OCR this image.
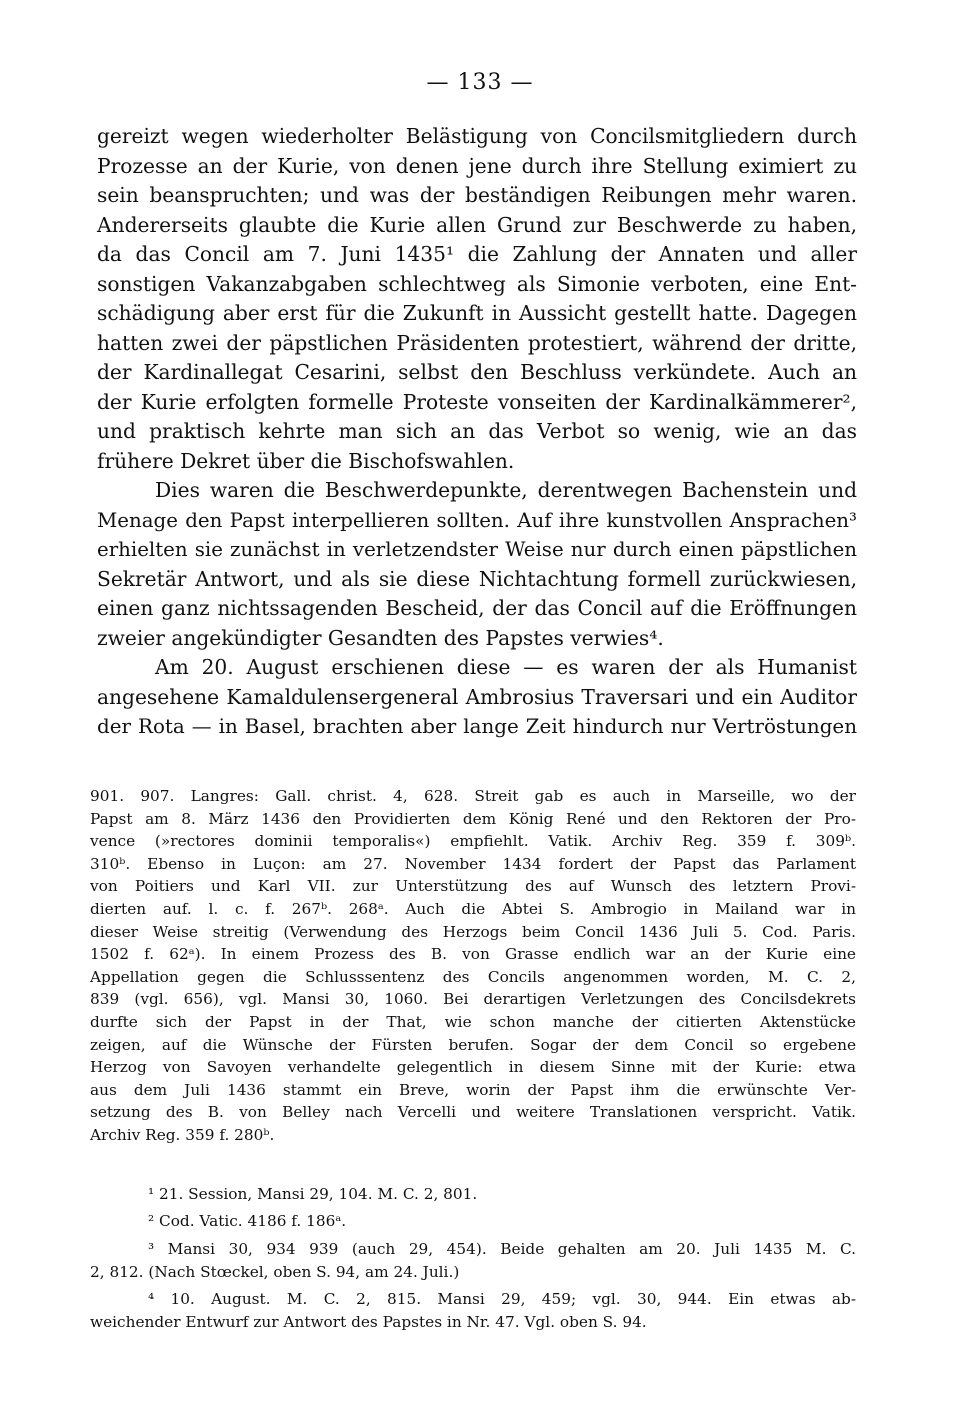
— 133 —

gereizt wegen wiederholter Belästigung von Concilsmitgliedern durch
Prozesse an der Kurie, von denen jene durch ihre Stellung eximiert zu
sein beanspruchten; und was der beständigen Reibungen mehr waren.
Andererseits glaubte die Kurie allen Grund zur Beschwerde zu haben,
da das Concil am 7. Juni 1435¹ die Zahlung der Annaten und aller
sonstigen Vakanzabgaben schlechtweg als Simonie verboten, eine Ent-
schädigung aber erst für die Zukunft in Aussicht gestellt hatte. Dagegen
hatten zwei der päpstlichen Präsidenten protestiert, während der dritte,
der Kardinallegat Cesarini, selbst den Beschluss verkündete. Auch an
der Kurie erfolgten formelle Proteste vonseiten der Kardinalkämmerer²,
und praktisch kehrte man sich an das Verbot so wenig, wie an das
frühere Dekret über die Bischofswahlen.

Dies waren die Beschwerdepunkte, derentwegen Bachenstein und
Menage den Papst interpellieren sollten. Auf ihre kunstvollen Ansprachen³
erhielten sie zunächst in verletzendster Weise nur durch einen päpstlichen
Sekretär Antwort, und als sie diese Nichtachtung formell zurückwiesen,
einen ganz nichtssagenden Bescheid, der das Concil auf die Eröffnungen
zweier angekündigter Gesandten des Papstes verwies⁴.

Am 20. August erschienen diese — es waren der als Humanist
angesehene Kamaldulensergeneral Ambrosius Traversari und ein Auditor
der Rota — in Basel, brachten aber lange Zeit hindurch nur Vertröstungen

901. 907. Langres: Gall. christ. 4, 628. Streit gab es auch in Marseille, wo der
Papst am 8. März 1436 den Providierten dem König René und den Rektoren der Pro-
vence (»rectores dominii temporalis«) empfiehlt. Vatik. Archiv Reg. 359 f. 309ᵇ.
310ᵇ. Ebenso in Luçon: am 27. November 1434 fordert der Papst das Parlament
von Poitiers und Karl VII. zur Unterstützung des auf Wunsch des letztern Provi-
dierten auf. l. c. f. 267ᵇ. 268ᵃ. Auch die Abtei S. Ambrogio in Mailand war in
dieser Weise streitig (Verwendung des Herzogs beim Concil 1436 Juli 5. Cod. Paris.
1502 f. 62ᵃ). In einem Prozess des B. von Grasse endlich war an der Kurie eine
Appellation gegen die Schlusssentenz des Concils angenommen worden, M. C. 2,
839 (vgl. 656), vgl. Mansi 30, 1060. Bei derartigen Verletzungen des Concilsdekrets
durfte sich der Papst in der That, wie schon manche der citierten Aktenstücke
zeigen, auf die Wünsche der Fürsten berufen. Sogar der dem Concil so ergebene
Herzog von Savoyen verhandelte gelegentlich in diesem Sinne mit der Kurie: etwa
aus dem Juli 1436 stammt ein Breve, worin der Papst ihm die erwünschte Ver-
setzung des B. von Belley nach Vercelli und weitere Translationen verspricht. Vatik.
Archiv Reg. 359 f. 280ᵇ.
¹ 21. Session, Mansi 29, 104. M. C. 2, 801.
² Cod. Vatic. 4186 f. 186ᵃ.
³ Mansi 30, 934 939 (auch 29, 454). Beide gehalten am 20. Juli 1435 M. C.
2, 812. (Nach Stœckel, oben S. 94, am 24. Juli.)
⁴ 10. August. M. C. 2, 815. Mansi 29, 459; vgl. 30, 944. Ein etwas ab-
weichender Entwurf zur Antwort des Papstes in Nr. 47. Vgl. oben S. 94.
